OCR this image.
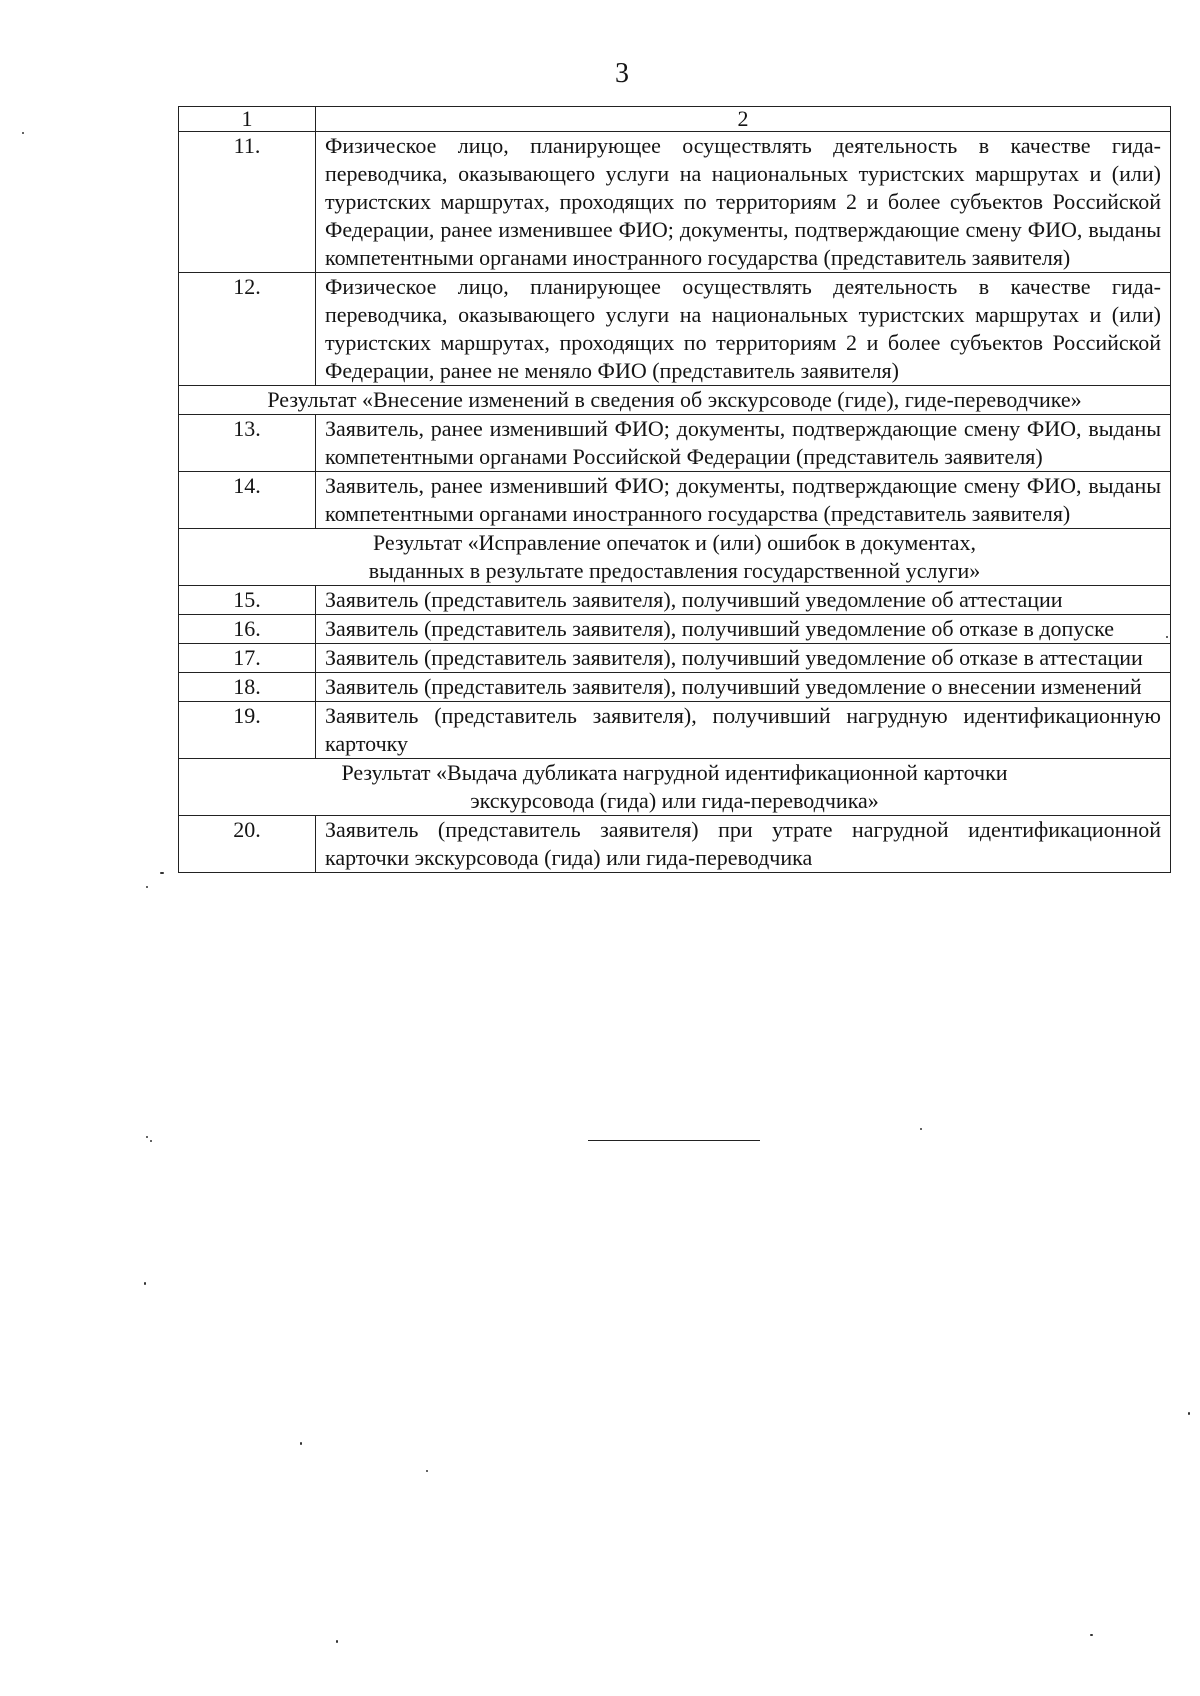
3
1	2
11.	Физическое лицо, планирующее осуществлять деятельность в качестве гида-переводчика, оказывающего услуги на национальных туристских маршрутах и (или) туристских маршрутах, проходящих по территориям 2 и более субъектов Российской Федерации, ранее изменившее ФИО; документы, подтверждающие смену ФИО, выданы компетентными органами иностранного государства (представитель заявителя)
12.	Физическое лицо, планирующее осуществлять деятельность в качестве гида-переводчика, оказывающего услуги на национальных туристских маршрутах и (или) туристских маршрутах, проходящих по территориям 2 и более субъектов Российской Федерации, ранее не меняло ФИО (представитель заявителя)

Результат «Внесение изменений в сведения об экскурсоводе (гиде), гиде-переводчике»	

13.	Заявитель, ранее изменивший ФИО; документы, подтверждающие смену ФИО, выданы компетентными органами Российской Федерации (представитель заявителя)
14.	Заявитель, ранее изменивший ФИО; документы, подтверждающие смену ФИО, выданы компетентными органами иностранного государства (представитель заявителя)

Результат «Исправление опечаток и (или) ошибок в документах,
выданных в результате предоставления государственной услуги»	

15.	Заявитель (представитель заявителя), получивший уведомление об аттестации
16.	Заявитель (представитель заявителя), получивший уведомление об отказе в допуске
17.	Заявитель (представитель заявителя), получивший уведомление об отказе в аттестации
18.	Заявитель (представитель заявителя), получивший уведомление о внесении изменений
19.	Заявитель (представитель заявителя), получивший нагрудную идентификационную карточку

Результат «Выдача дубликата нагрудной идентификационной карточки
экскурсовода (гида) или гида-переводчика»	

20.	Заявитель (представитель заявителя) при утрате нагрудной идентификационной карточки экскурсовода (гида) или гида-переводчика
